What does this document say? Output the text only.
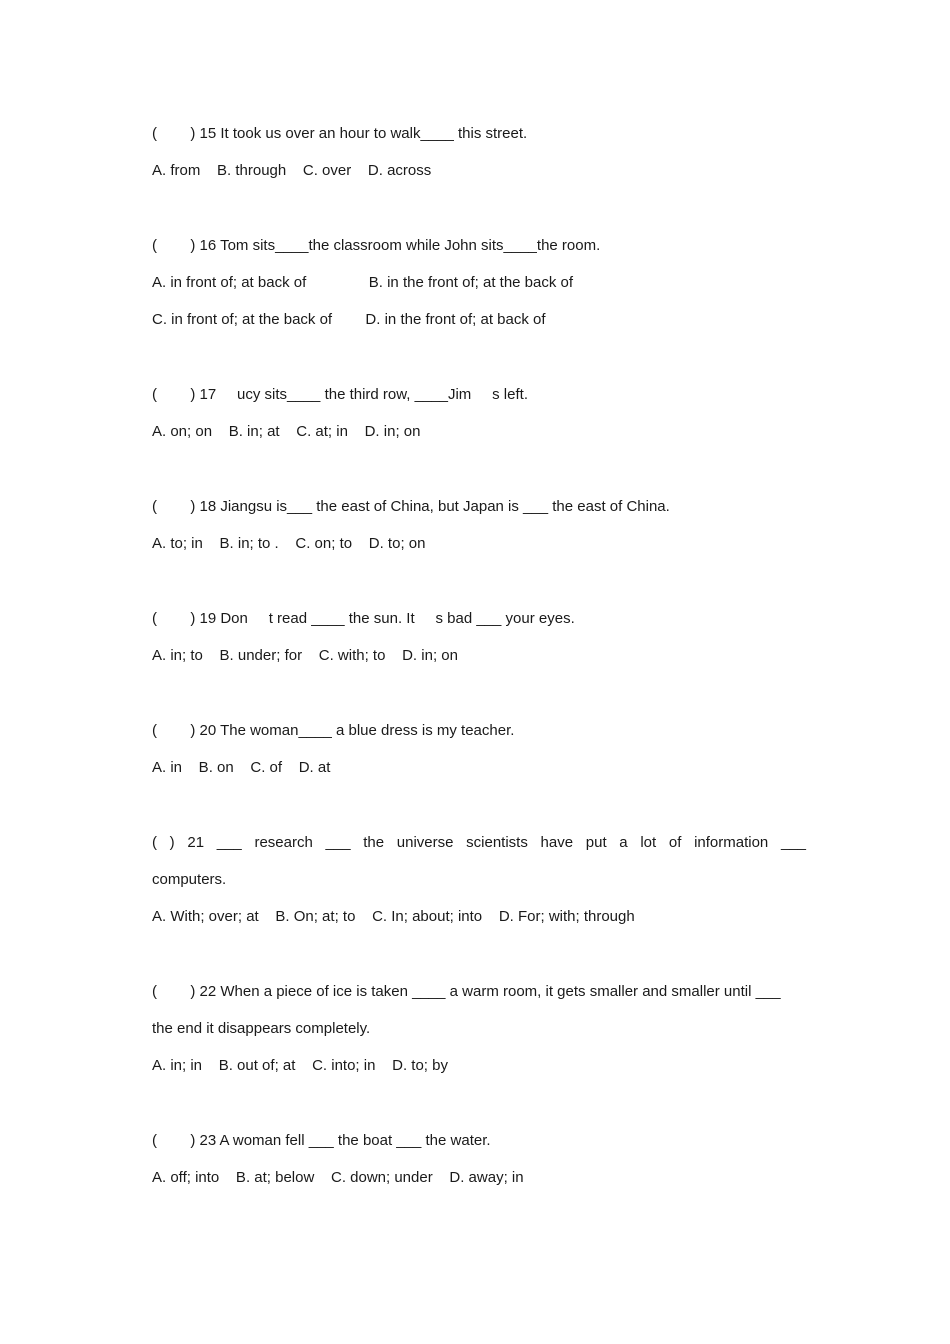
(        ) 15 It took us over an hour to walk____ this street.
A. from    B. through    C. over    D. across
(        ) 16 Tom sits____the classroom while John sits____the room.
A. in front of; at back of               B. in the front of; at the back of
C. in front of; at the back of        D. in the front of; at back of
(        ) 17     ucy sits____ the third row, ____Jim     s left.
A. on; on    B. in; at    C. at; in    D. in; on
(        ) 18 Jiangsu is___ the east of China, but Japan is ___ the east of China.
A. to; in    B. in; to .    C. on; to    D. to; on
(        ) 19 Don     t read ____ the sun. It     s bad ___ your eyes.
A. in; to    B. under; for    C. with; to    D. in; on
(        ) 20 The woman____ a blue dress is my teacher.
A. in    B. on    C. of    D. at
( ) 21 ___ research ___ the universe scientists have put a lot of information ___
computers.
A. With; over; at    B. On; at; to    C. In; about; into    D. For; with; through
(        ) 22 When a piece of ice is taken ____ a warm room, it gets smaller and smaller until ___
the end it disappears completely.
A. in; in    B. out of; at    C. into; in    D. to; by
(        ) 23 A woman fell ___ the boat ___ the water.
A. off; into    B. at; below    C. down; under    D. away; in
